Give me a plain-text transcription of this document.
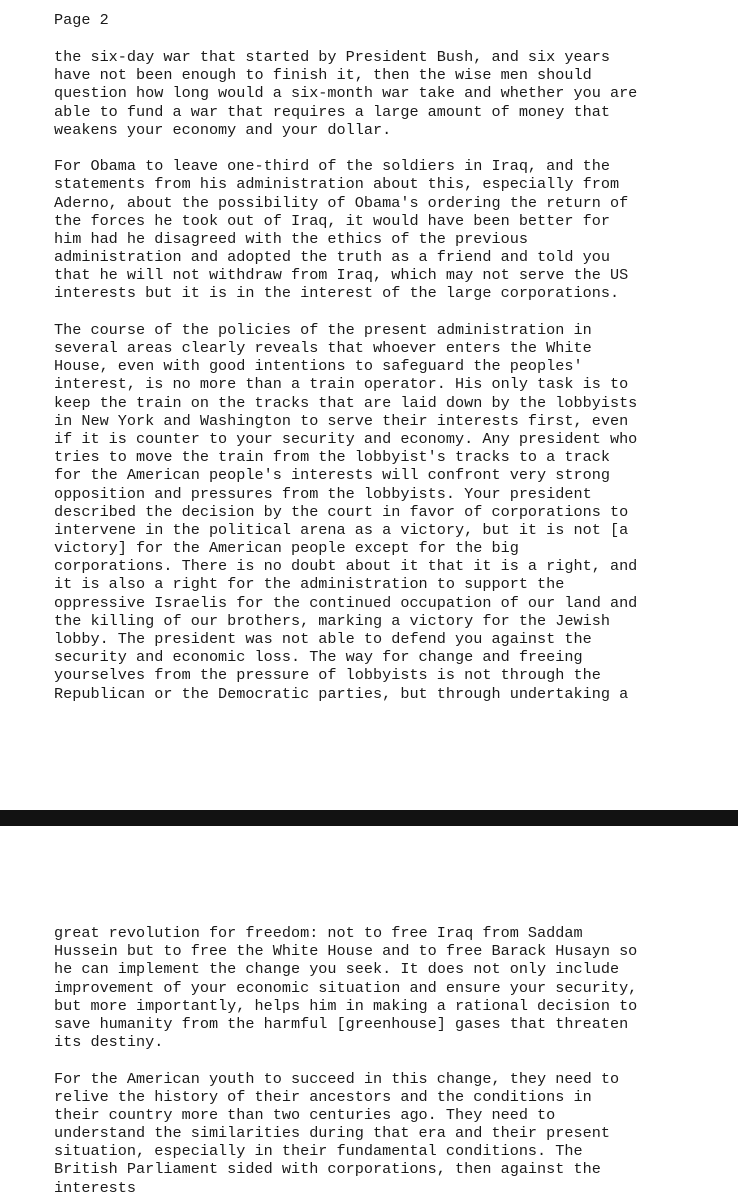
Page 2
the six-day war that started by President Bush, and six years
have not been enough to finish it, then the wise men should
question how long would a six-month war take and whether you are
able to fund a war that requires a large amount of money that
weakens your economy and your dollar.
For Obama to leave one-third of the soldiers in Iraq, and the
statements from his administration about this, especially from
Aderno, about the possibility of Obama's ordering the return of
the forces he took out of Iraq, it would have been better for
him had he disagreed with the ethics of the previous
administration and adopted the truth as a friend and told you
that he will not withdraw from Iraq, which may not serve the US
interests but it is in the interest of the large corporations.
The course of the policies of the present administration in
several areas clearly reveals that whoever enters the White
House, even with good intentions to safeguard the peoples'
interest, is no more than a train operator. His only task is to
keep the train on the tracks that are laid down by the lobbyists
in New York and Washington to serve their interests first, even
if it is counter to your security and economy. Any president who
tries to move the train from the lobbyist's tracks to a track
for the American people's interests will confront very strong
opposition and pressures from the lobbyists. Your president
described the decision by the court in favor of corporations to
intervene in the political arena as a victory, but it is not [a
victory] for the American people except for the big
corporations. There is no doubt about it that it is a right, and
it is also a right for the administration to support the
oppressive Israelis for the continued occupation of our land and
the killing of our brothers, marking a victory for the Jewish
lobby. The president was not able to defend you against the
security and economic loss. The way for change and freeing
yourselves from the pressure of lobbyists is not through the
Republican or the Democratic parties, but through undertaking a
great revolution for freedom: not to free Iraq from Saddam
Hussein but to free the White House and to free Barack Husayn so
he can implement the change you seek. It does not only include
improvement of your economic situation and ensure your security,
but more importantly, helps him in making a rational decision to
save humanity from the harmful [greenhouse] gases that threaten
its destiny.
For the American youth to succeed in this change, they need to
relive the history of their ancestors and the conditions in
their country more than two centuries ago. They need to
understand the similarities during that era and their present
situation, especially in their fundamental conditions. The
British Parliament sided with corporations, then against the
interests
